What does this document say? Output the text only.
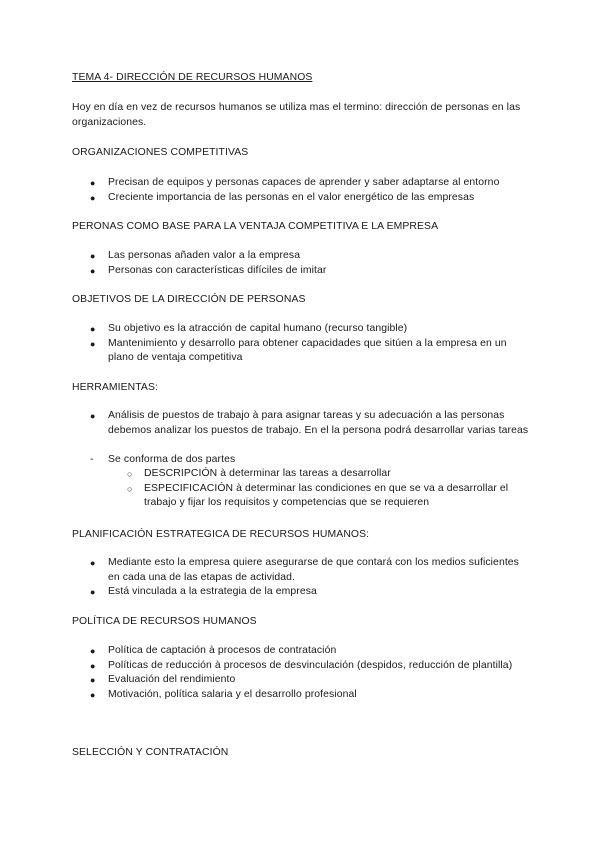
TEMA 4- DIRECCIÓN DE RECURSOS HUMANOS

Hoy en día en vez de recursos humanos se utiliza mas el termino: dirección de personas en las organizaciones.

ORGANIZACIONES COMPETITIVAS

● Precisan de equipos y personas capaces de aprender y saber adaptarse al entorno
● Creciente importancia de las personas en el valor energético de las empresas

PERONAS COMO BASE PARA LA VENTAJA COMPETITIVA E LA EMPRESA

● Las personas añaden valor a la empresa
● Personas con características difíciles de imitar

OBJETIVOS DE LA DIRECCIÓN DE PERSONAS

● Su objetivo es la atracción de capital humano (recurso tangible)
● Mantenimiento y desarrollo para obtener capacidades que sitúen a la empresa en un plano de ventaja competitiva

HERRAMIENTAS:

● Análisis de puestos de trabajo à para asignar tareas y su adecuación a las personas debemos analizar los puestos de trabajo. En el la persona podrá desarrollar varias tareas
- Se conforma de dos partes
○ DESCRIPCIÓN à determinar las tareas a desarrollar
○ ESPECIFICACIÓN à determinar las condiciones en que se va a desarrollar el trabajo y fijar los requisitos y competencias que se requieren

PLANIFICACIÓN ESTRATEGICA DE RECURSOS HUMANOS:

● Mediante esto la empresa quiere asegurarse de que contará con los medios suficientes en cada una de las etapas de actividad.
● Está vinculada a la estrategia de la empresa

POLÍTICA DE RECURSOS HUMANOS

● Política de captación à procesos de contratación
● Políticas de reducción à procesos de desvinculación (despidos, reducción de plantilla)
● Evaluación del rendimiento
● Motivación, política salaria y el desarrollo profesional

SELECCIÓN Y CONTRATACIÓN
